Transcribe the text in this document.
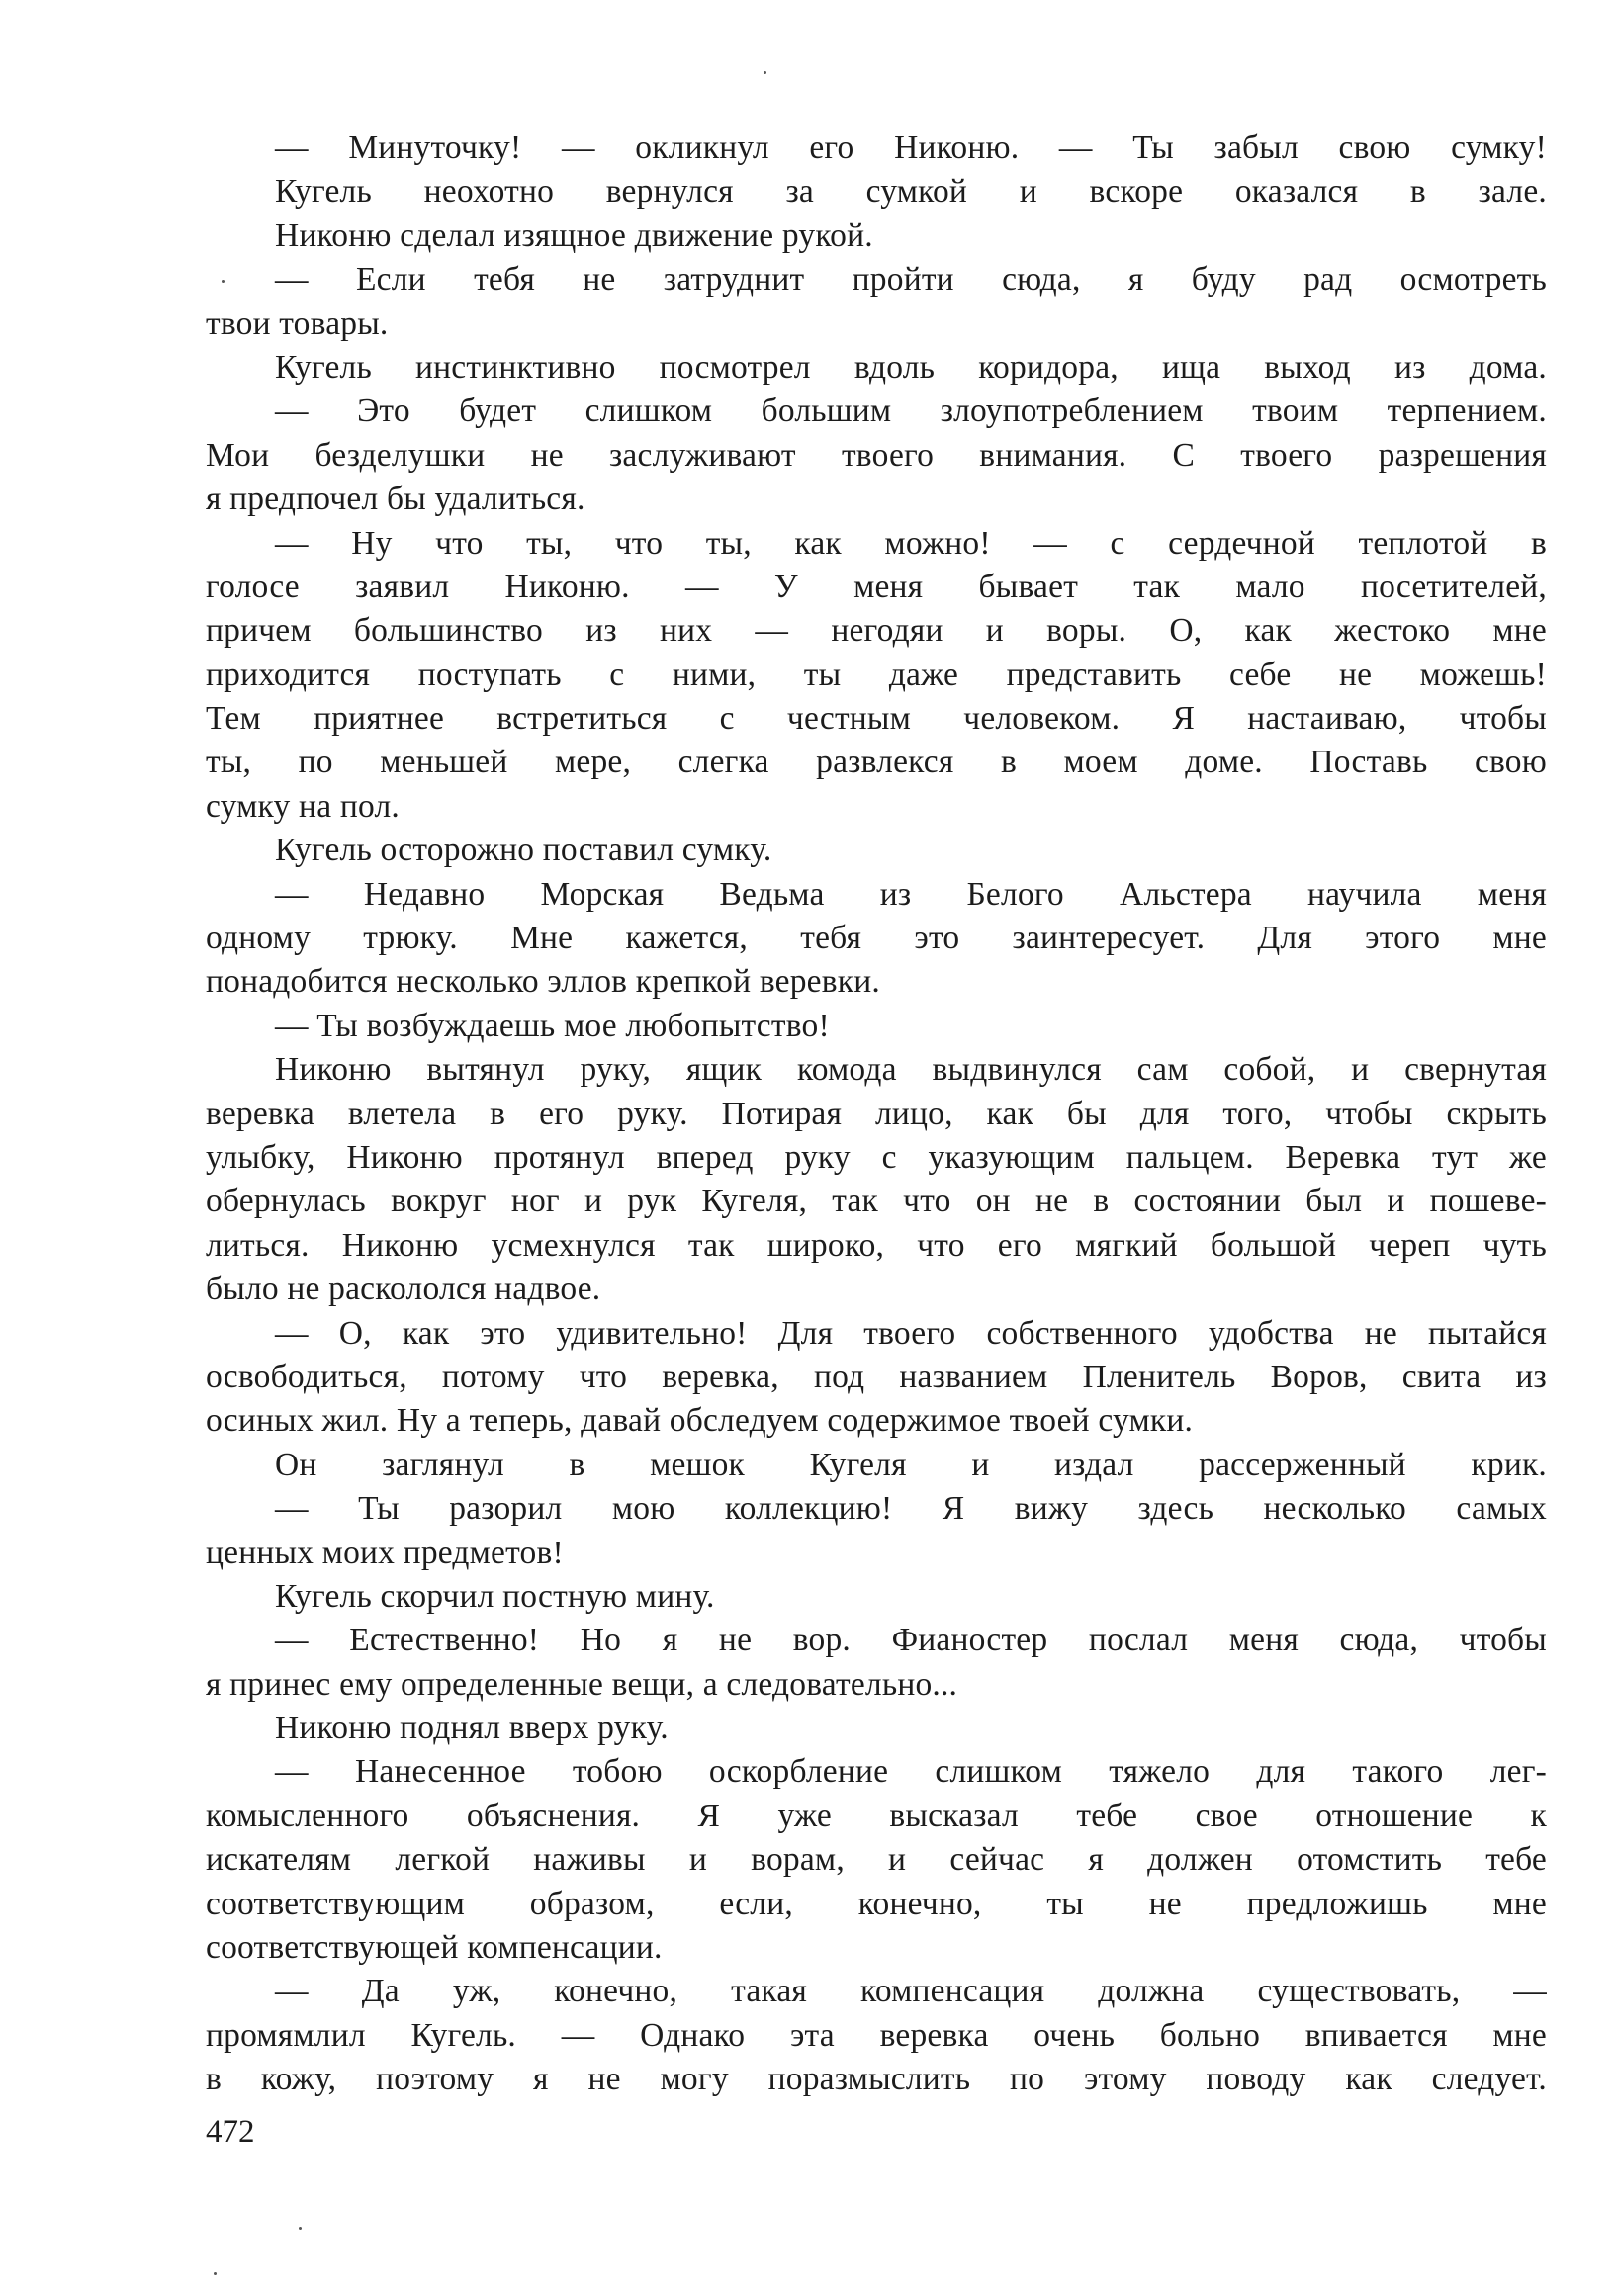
— Минуточку! — окликнул его Никоню. — Ты забыл свою сумку!
Кугель неохотно вернулся за сумкой и вскоре оказался в зале.
Никоню сделал изящное движение рукой.
— Если тебя не затруднит пройти сюда, я буду рад осмотреть
твои товары.
Кугель инстинктивно посмотрел вдоль коридора, ища выход из дома.
— Это будет слишком большим злоупотреблением твоим терпением.
Мои безделушки не заслуживают твоего внимания. С твоего разрешения
я предпочел бы удалиться.
— Ну что ты, что ты, как можно! — с сердечной теплотой в
голосе заявил Никоню. — У меня бывает так мало посетителей,
причем большинство из них — негодяи и воры. О, как жестоко мне
приходится поступать с ними, ты даже представить себе не можешь!
Тем приятнее встретиться с честным человеком. Я настаиваю, чтобы
ты, по меньшей мере, слегка развлекся в моем доме. Поставь свою
сумку на пол.
Кугель осторожно поставил сумку.
— Недавно Морская Ведьма из Белого Альстера научила меня
одному трюку. Мне кажется, тебя это заинтересует. Для этого мне
понадобится несколько эллов крепкой веревки.
— Ты возбуждаешь мое любопытство!
Никоню вытянул руку, ящик комода выдвинулся сам собой, и свернутая
веревка влетела в его руку. Потирая лицо, как бы для того, чтобы скрыть
улыбку, Никоню протянул вперед руку с указующим пальцем. Веревка тут же
обернулась вокруг ног и рук Кугеля, так что он не в состоянии был и пошеве-
литься. Никоню усмехнулся так широко, что его мягкий большой череп чуть
было не раскололся надвое.
— О, как это удивительно! Для твоего собственного удобства не пытайся
освободиться, потому что веревка, под названием Пленитель Воров, свита из
осиных жил. Ну а теперь, давай обследуем содержимое твоей сумки.
Он заглянул в мешок Кугеля и издал рассерженный крик.
— Ты разорил мою коллекцию! Я вижу здесь несколько самых
ценных моих предметов!
Кугель скорчил постную мину.
— Естественно! Но я не вор. Фианостер послал меня сюда, чтобы
я принес ему определенные вещи, а следовательно...
Никоню поднял вверх руку.
— Нанесенное тобою оскорбление слишком тяжело для такого лег-
комысленного объяснения. Я уже высказал тебе свое отношение к
искателям легкой наживы и ворам, и сейчас я должен отомстить тебе
соответствующим образом, если, конечно, ты не предложишь мне
соответствующей компенсации.
— Да уж, конечно, такая компенсация должна существовать, —
промямлил Кугель. — Однако эта веревка очень больно впивается мне
в кожу, поэтому я не могу поразмыслить по этому поводу как следует.
472
